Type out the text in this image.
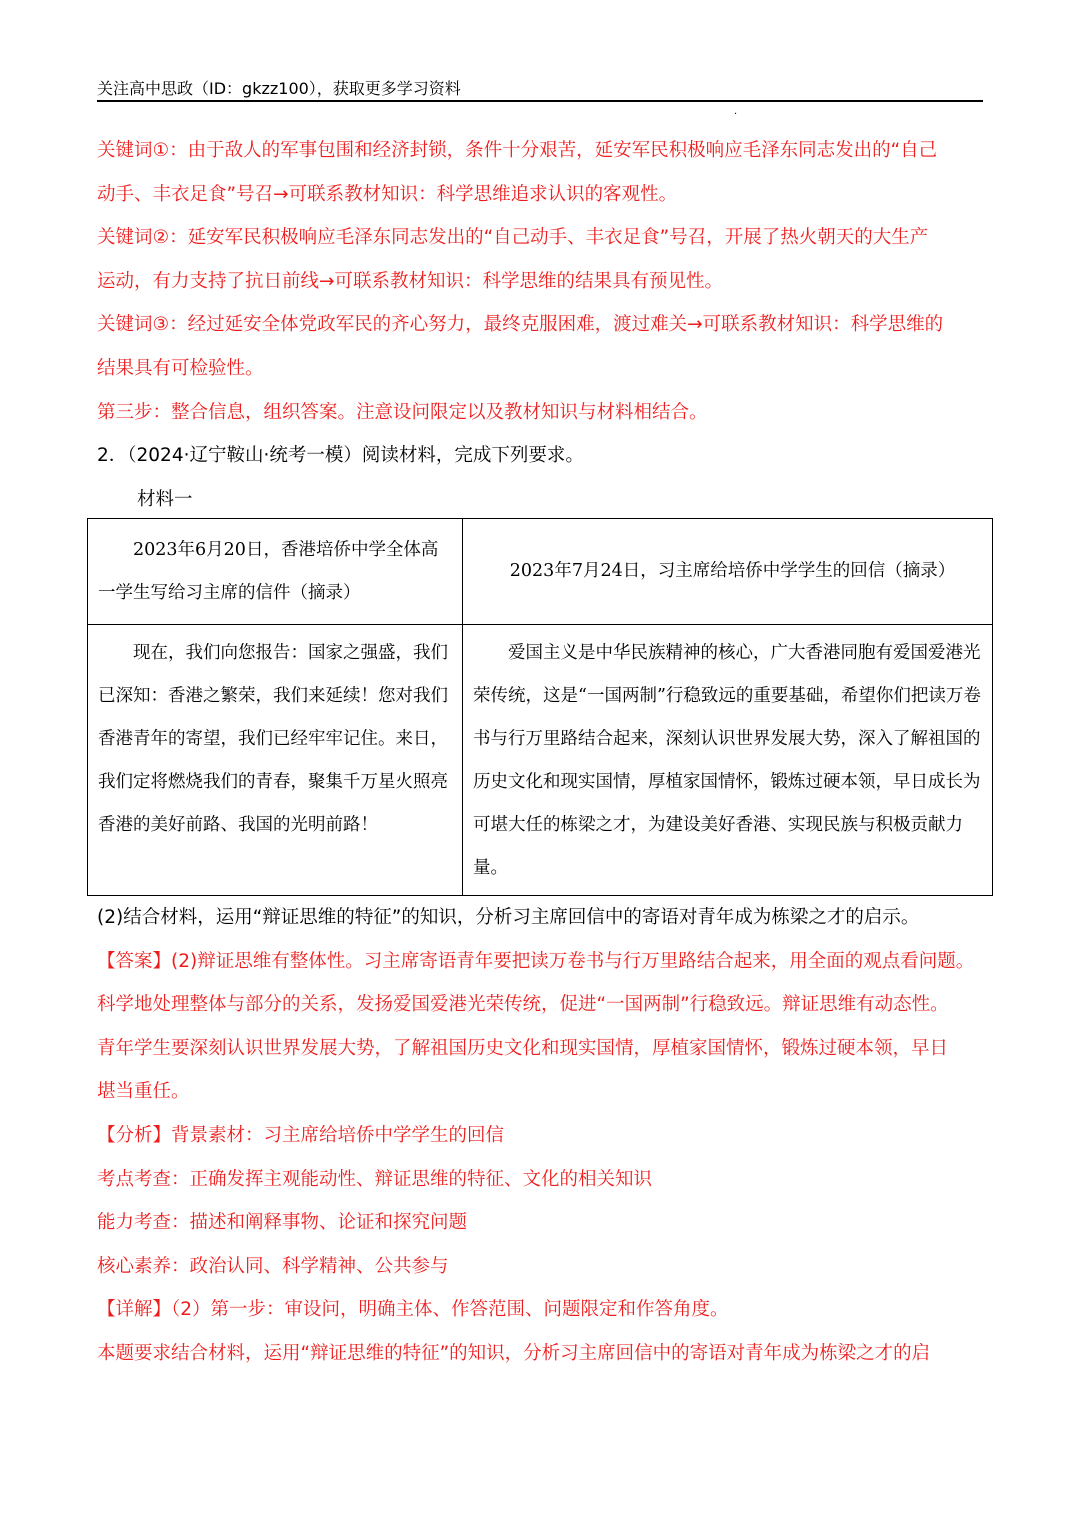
关注高中思政（ID：gkzz100），获取更多学习资料
·

关键词①：由于敌人的军事包围和经济封锁，条件十分艰苦，延安军民积极响应毛泽东同志发出的“自己

动手、丰衣足食”号召→可联系教材知识：科学思维追求认识的客观性。

关键词②：延安军民积极响应毛泽东同志发出的“自己动手、丰衣足食”号召，开展了热火朝天的大生产

运动，有力支持了抗日前线→可联系教材知识：科学思维的结果具有预见性。

关键词③：经过延安全体党政军民的齐心努力，最终克服困难，渡过难关→可联系教材知识：科学思维的

结果具有可检验性。

第三步：整合信息，组织答案。注意设问限定以及教材知识与材料相结合。

2．（2024·辽宁鞍山·统考一模）阅读材料，完成下列要求。

材料一

2023年6月20日，香港培侨中学全体高一学生写给习主席的信件（摘录）	2023年7月24日，习主席给培侨中学学生的回信（摘录）
现在，我们向您报告：国家之强盛，我们已深知：香港之繁荣，我们来延续！您对我们香港青年的寄望，我们已经牢牢记住。来日，我们定将燃烧我们的青春，聚集千万星火照亮香港的美好前路、我国的光明前路！	爱国主义是中华民族精神的核心，广大香港同胞有爱国爱港光荣传统，这是“一国两制”行稳致远的重要基础，希望你们把读万卷书与行万里路结合起来，深刻认识世界发展大势，深入了解祖国的历史文化和现实国情，厚植家国情怀，锻炼过硬本领，早日成长为可堪大任的栋梁之才，为建设美好香港、实现民族与积极贡献力量。

(2)结合材料，运用“辩证思维的特征”的知识，分析习主席回信中的寄语对青年成为栋梁之才的启示。

【答案】(2)辩证思维有整体性。习主席寄语青年要把读万卷书与行万里路结合起来，用全面的观点看问题。

科学地处理整体与部分的关系，发扬爱国爱港光荣传统，促进“一国两制”行稳致远。辩证思维有动态性。

青年学生要深刻认识世界发展大势，了解祖国历史文化和现实国情，厚植家国情怀，锻炼过硬本领，早日

堪当重任。

【分析】背景素材：习主席给培侨中学学生的回信

考点考查：正确发挥主观能动性、辩证思维的特征、文化的相关知识

能力考查：描述和阐释事物、论证和探究问题

核心素养：政治认同、科学精神、公共参与

【详解】（2）第一步：审设问，明确主体、作答范围、问题限定和作答角度。

本题要求结合材料，运用“辩证思维的特征”的知识，分析习主席回信中的寄语对青年成为栋梁之才的启
